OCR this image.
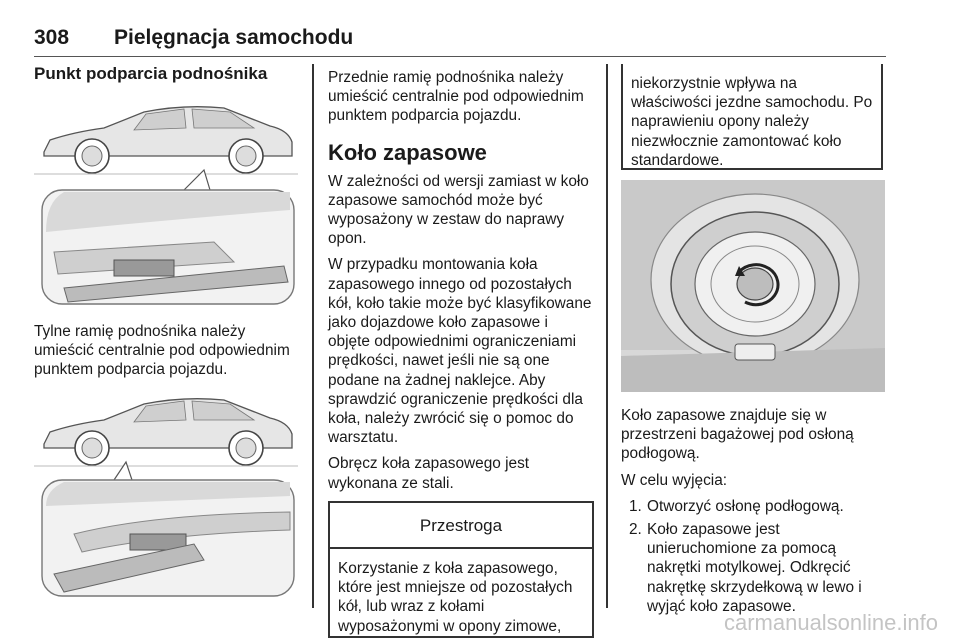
308 Pielęgnacja samochodu
Punkt podparcia podnośnika

Tylne ramię podnośnika należy umieścić centralnie pod odpowiednim punktem podparcia pojazdu.

Przednie ramię podnośnika należy umieścić centralnie pod odpowiednim punktem podparcia pojazdu.

Koło zapasowe

W zależności od wersji zamiast w koło zapasowe samochód może być wyposażony w zestaw do naprawy opon.

W przypadku montowania koła zapasowego innego od pozostałych kół, koło takie może być klasyfikowane jako dojazdowe koło zapasowe i objęte odpowiednimi ograniczeniami prędkości, nawet jeśli nie są one podane na żadnej naklejce. Aby sprawdzić ograniczenie prędkości dla koła, należy zwrócić się o pomoc do warsztatu.

Obręcz koła zapasowego jest wykonana ze stali.

Przestroga
Korzystanie z koła zapasowego, które jest mniejsze od pozostałych kół, lub wraz z kołami wyposażonymi w opony zimowe,
niekorzystnie wpływa na właściwości jezdne samochodu. Po naprawieniu opony należy niezwłocznie zamontować koło standardowe.

Koło zapasowe znajduje się w przestrzeni bagażowej pod osłoną podłogową.

W celu wyjęcia:

1. Otworzyć osłonę podłogową.
2. Koło zapasowe jest unieruchomione za pomocą nakrętki motylkowej. Odkręcić nakrętkę skrzydełkową w lewo i wyjąć koło zapasowe.
carmanualsonline.info
